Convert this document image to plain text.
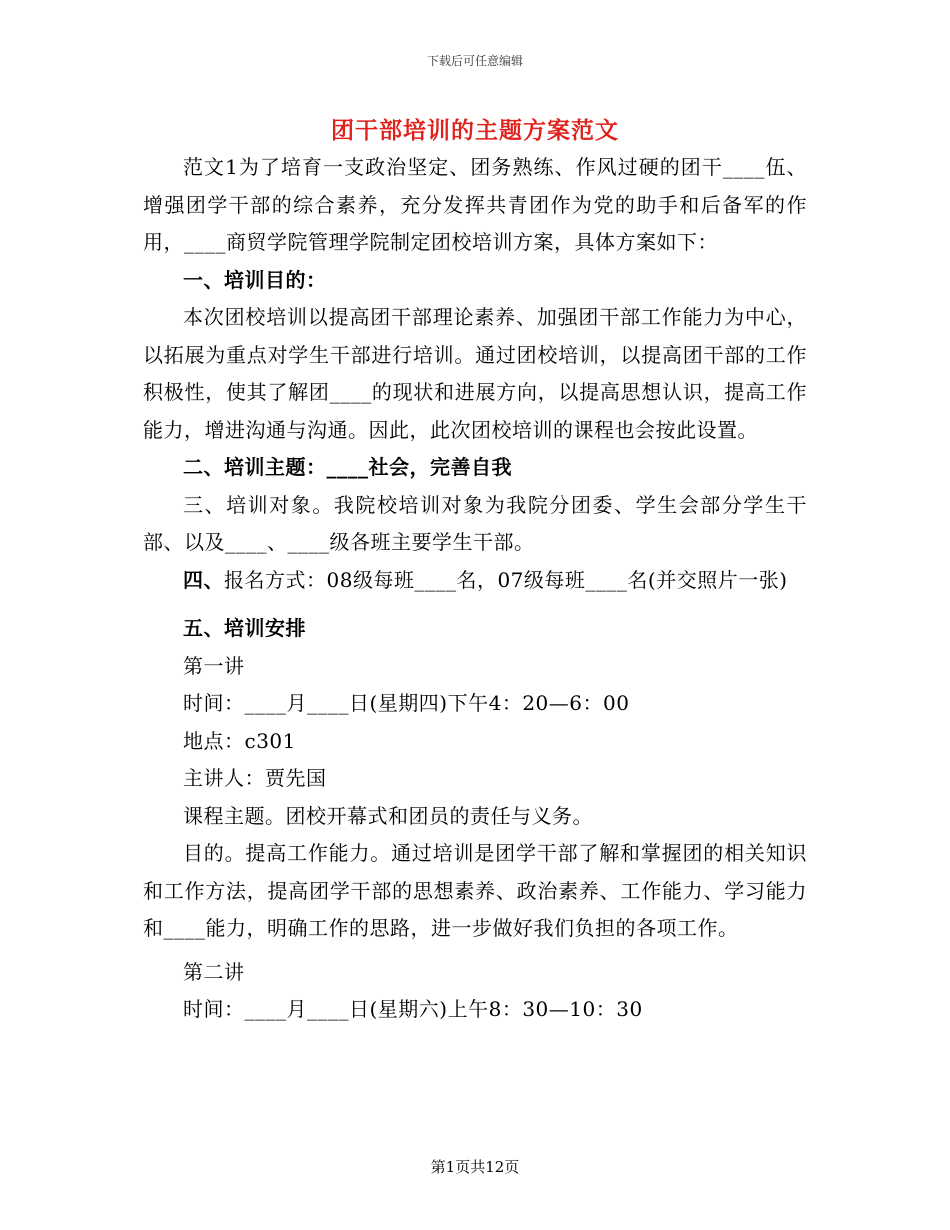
下载后可任意编辑
团干部培训的主题方案范文

范文1为了培育一支政治坚定、团务熟练、作风过硬的团干____伍、增强团学干部的综合素养，充分发挥共青团作为党的助手和后备军的作用，____商贸学院管理学院制定团校培训方案，具体方案如下：

一、培训目的：

本次团校培训以提高团干部理论素养、加强团干部工作能力为中心，以拓展为重点对学生干部进行培训。通过团校培训，以提高团干部的工作积极性，使其了解团____的现状和进展方向，以提高思想认识，提高工作能力，增进沟通与沟通。因此，此次团校培训的课程也会按此设置。

二、培训主题：____社会，完善自我

三、培训对象。我院校培训对象为我院分团委、学生会部分学生干部、以及____、____级各班主要学生干部。

四、报名方式：08级每班____名，07级每班____名(并交照片一张)

五、培训安排

第一讲

时间：____月____日(星期四)下午4：20—6：00

地点：c301

主讲人：贾先国

课程主题。团校开幕式和团员的责任与义务。

目的。提高工作能力。通过培训是团学干部了解和掌握团的相关知识和工作方法，提高团学干部的思想素养、政治素养、工作能力、学习能力和____能力，明确工作的思路，进一步做好我们负担的各项工作。

第二讲

时间：____月____日(星期六)上午8：30—10：30

第1页共12页
